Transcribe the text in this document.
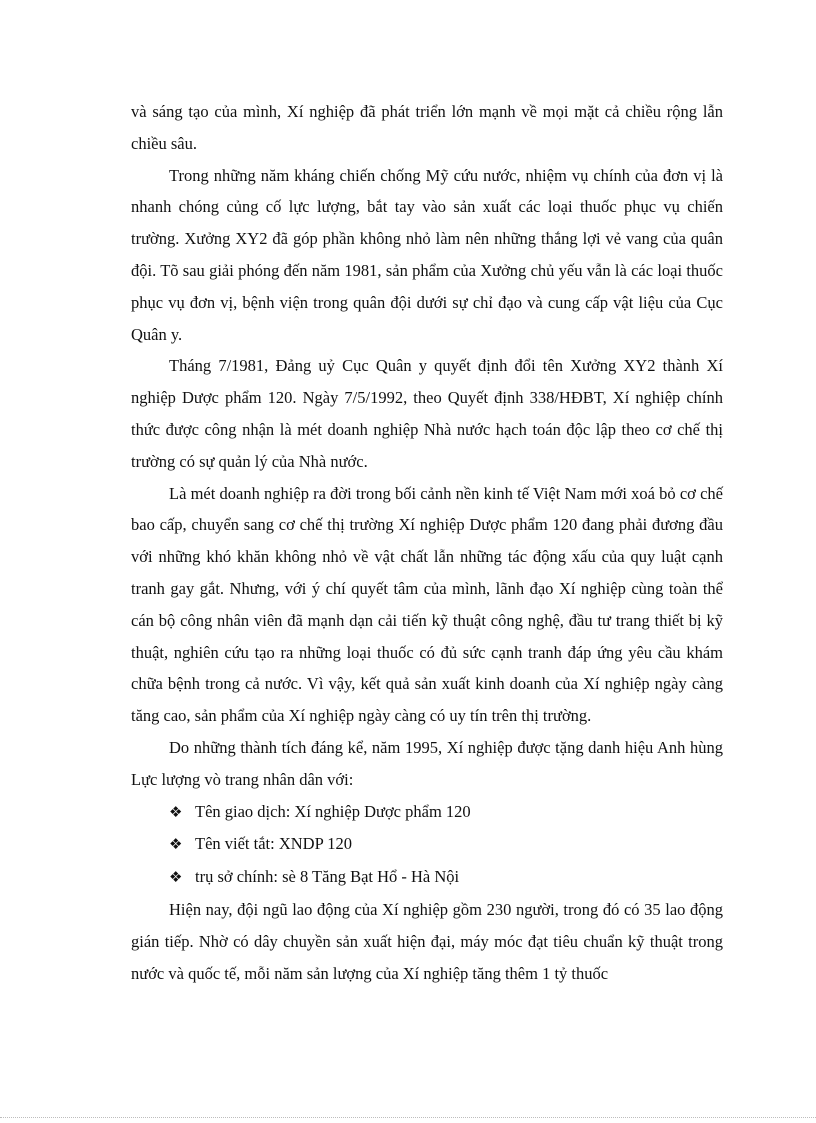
và sáng tạo của mình, Xí nghiệp đã phát triển lớn mạnh về mọi mặt cả chiều rộng lẫn chiều sâu.

Trong những năm kháng chiến chống Mỹ cứu nước, nhiệm vụ chính của đơn vị là nhanh chóng củng cố lực lượng, bắt tay vào sản xuất các loại thuốc phục vụ chiến trường. Xưởng XY2 đã góp phần không nhỏ làm nên những thắng lợi vẻ vang của quân đội. Tõ sau giải phóng đến năm 1981, sản phẩm của Xưởng chủ yếu vẫn là các loại thuốc phục vụ đơn vị, bệnh viện trong quân đội dưới sự chỉ đạo và cung cấp vật liệu của Cục Quân y.

Tháng 7/1981, Đảng uỷ Cục Quân y quyết định đổi tên Xưởng XY2 thành Xí nghiệp Dược phẩm 120. Ngày 7/5/1992, theo Quyết định 338/HĐBT, Xí nghiệp chính thức được công nhận là mét doanh nghiệp Nhà nước hạch toán độc lập theo cơ chế thị trường có sự quản lý của Nhà nước.

Là mét doanh nghiệp ra đời trong bối cảnh nền kinh tế Việt Nam mới xoá bỏ cơ chế bao cấp, chuyển sang cơ chế thị trường Xí nghiệp Dược phẩm 120 đang phải đương đầu với những khó khăn không nhỏ về vật chất lẫn những tác động xấu của quy luật cạnh tranh gay gắt. Nhưng, với ý chí quyết tâm của mình, lãnh đạo Xí nghiệp cùng toàn thể cán bộ công nhân viên đã mạnh dạn cải tiến kỹ thuật công nghệ, đầu tư trang thiết bị kỹ thuật, nghiên cứu tạo ra những loại thuốc có đủ sức cạnh tranh đáp ứng yêu cầu khám chữa bệnh trong cả nước. Vì vậy, kết quả sản xuất kinh doanh của Xí nghiệp ngày càng tăng cao, sản phẩm của Xí nghiệp ngày càng có uy tín trên thị trường.

Do những thành tích đáng kể, năm 1995, Xí nghiệp được tặng danh hiệu Anh hùng Lực lượng vò trang nhân dân với:

❖ Tên giao dịch: Xí nghiệp Dược phẩm 120
❖ Tên viết tắt: XNDP 120
❖ trụ sở chính: sè 8 Tăng Bạt Hổ - Hà Nội

Hiện nay, đội ngũ lao động của Xí nghiệp gồm 230 người, trong đó có 35 lao động gián tiếp. Nhờ có dây chuyền sản xuất hiện đại, máy móc đạt tiêu chuẩn kỹ thuật trong nước và quốc tế, mỗi năm sản lượng của Xí nghiệp tăng thêm 1 tỷ thuốc
